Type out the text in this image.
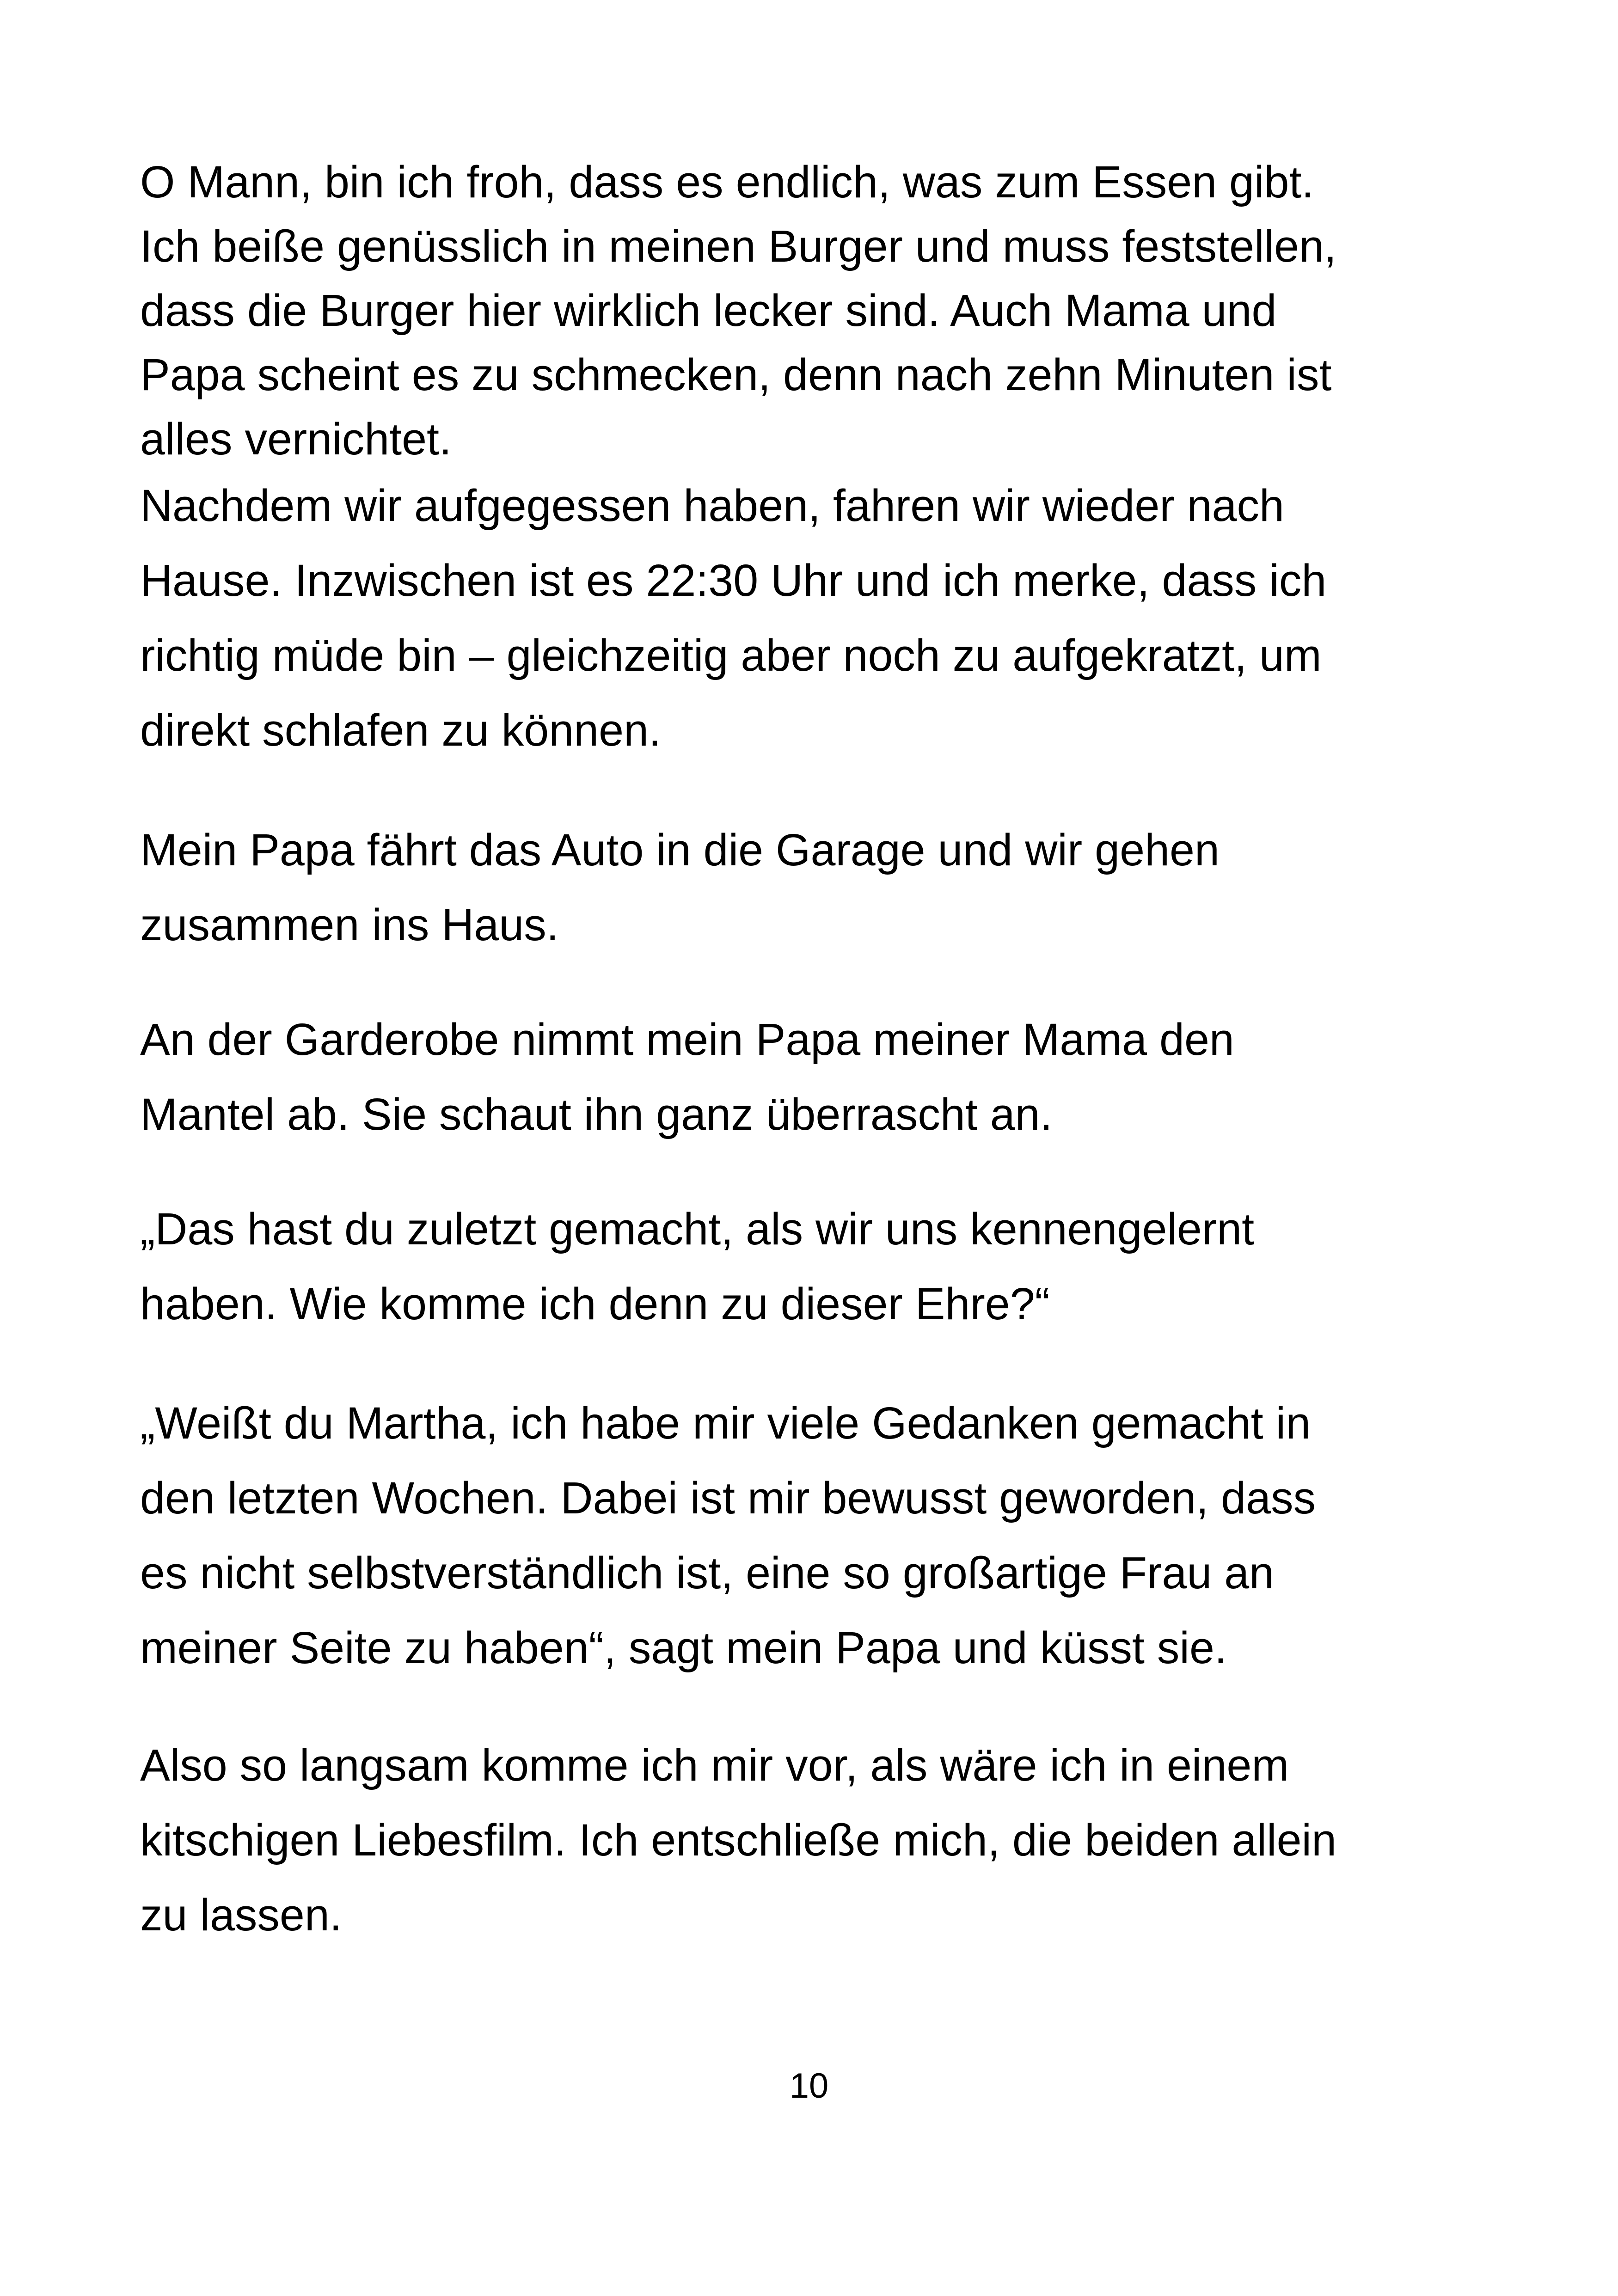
O Mann, bin ich froh, dass es endlich, was zum Essen gibt.
Ich beiße genüsslich in meinen Burger und muss feststellen,
dass die Burger hier wirklich lecker sind. Auch Mama und
Papa scheint es zu schmecken, denn nach zehn Minuten ist
alles vernichtet.
Nachdem wir aufgegessen haben, fahren wir wieder nach
Hause. Inzwischen ist es 22:30 Uhr und ich merke, dass ich
richtig müde bin – gleichzeitig aber noch zu aufgekratzt, um
direkt schlafen zu können.
Mein Papa fährt das Auto in die Garage und wir gehen
zusammen ins Haus.
An der Garderobe nimmt mein Papa meiner Mama den
Mantel ab. Sie schaut ihn ganz überrascht an.
„Das hast du zuletzt gemacht, als wir uns kennengelernt
haben. Wie komme ich denn zu dieser Ehre?“
„Weißt du Martha, ich habe mir viele Gedanken gemacht in
den letzten Wochen. Dabei ist mir bewusst geworden, dass
es nicht selbstverständlich ist, eine so großartige Frau an
meiner Seite zu haben“, sagt mein Papa und küsst sie.
Also so langsam komme ich mir vor, als wäre ich in einem
kitschigen Liebesfilm. Ich entschließe mich, die beiden allein
zu lassen.
10
